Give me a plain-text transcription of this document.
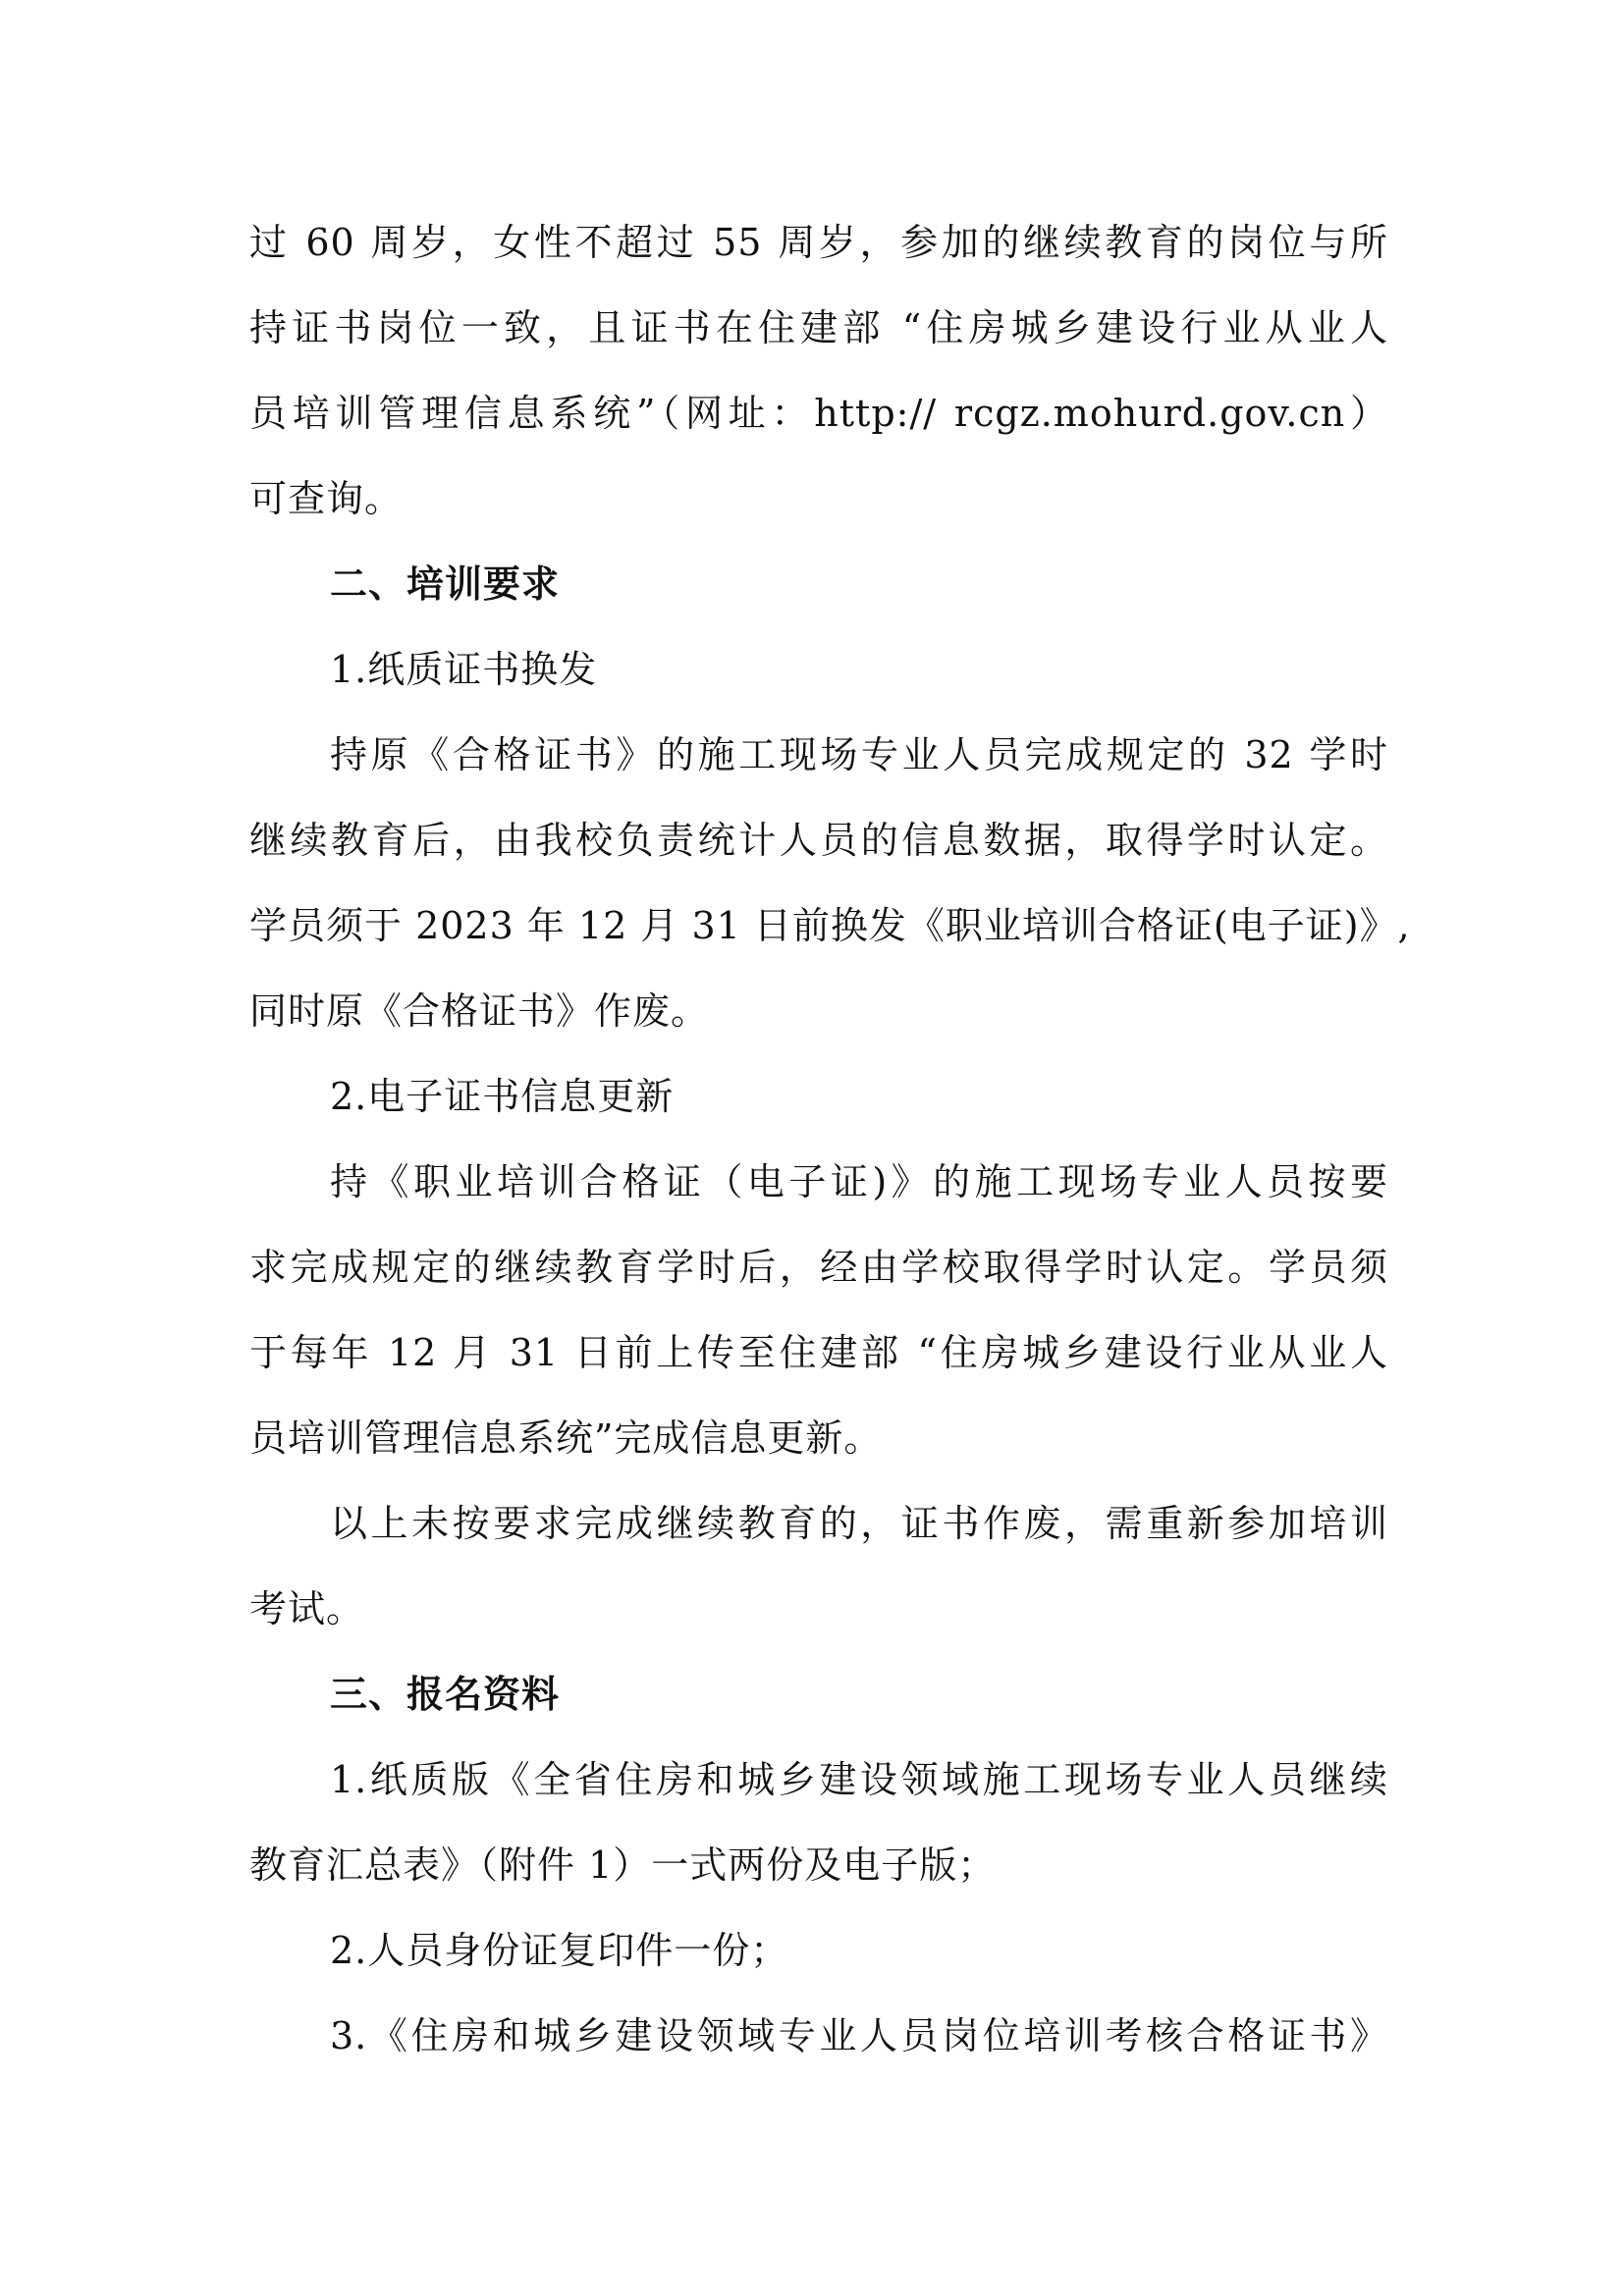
过 60 周岁，女性不超过 55 周岁，参加的继续教育的岗位与所
持证书岗位一致，且证书在住建部 “住房城乡建设行业从业人
员培训管理信息系统”（网址：http:// rcgz.mohurd.gov.cn）
可查询。
二、培训要求
1.纸质证书换发
持原《合格证书》的施工现场专业人员完成规定的 32 学时
继续教育后，由我校负责统计人员的信息数据，取得学时认定。
学员须于 2023 年 12 月 31 日前换发《职业培训合格证(电子证)》,
同时原《合格证书》作废。
2.电子证书信息更新
持《职业培训合格证（电子证)》的施工现场专业人员按要
求完成规定的继续教育学时后，经由学校取得学时认定。学员须
于每年 12 月 31 日前上传至住建部 “住房城乡建设行业从业人
员培训管理信息系统”完成信息更新。
以上未按要求完成继续教育的，证书作废，需重新参加培训
考试。
三、报名资料
1.纸质版《全省住房和城乡建设领域施工现场专业人员继续
教育汇总表》（附件 1）一式两份及电子版；
2.人员身份证复印件一份；
3.《住房和城乡建设领域专业人员岗位培训考核合格证书》
